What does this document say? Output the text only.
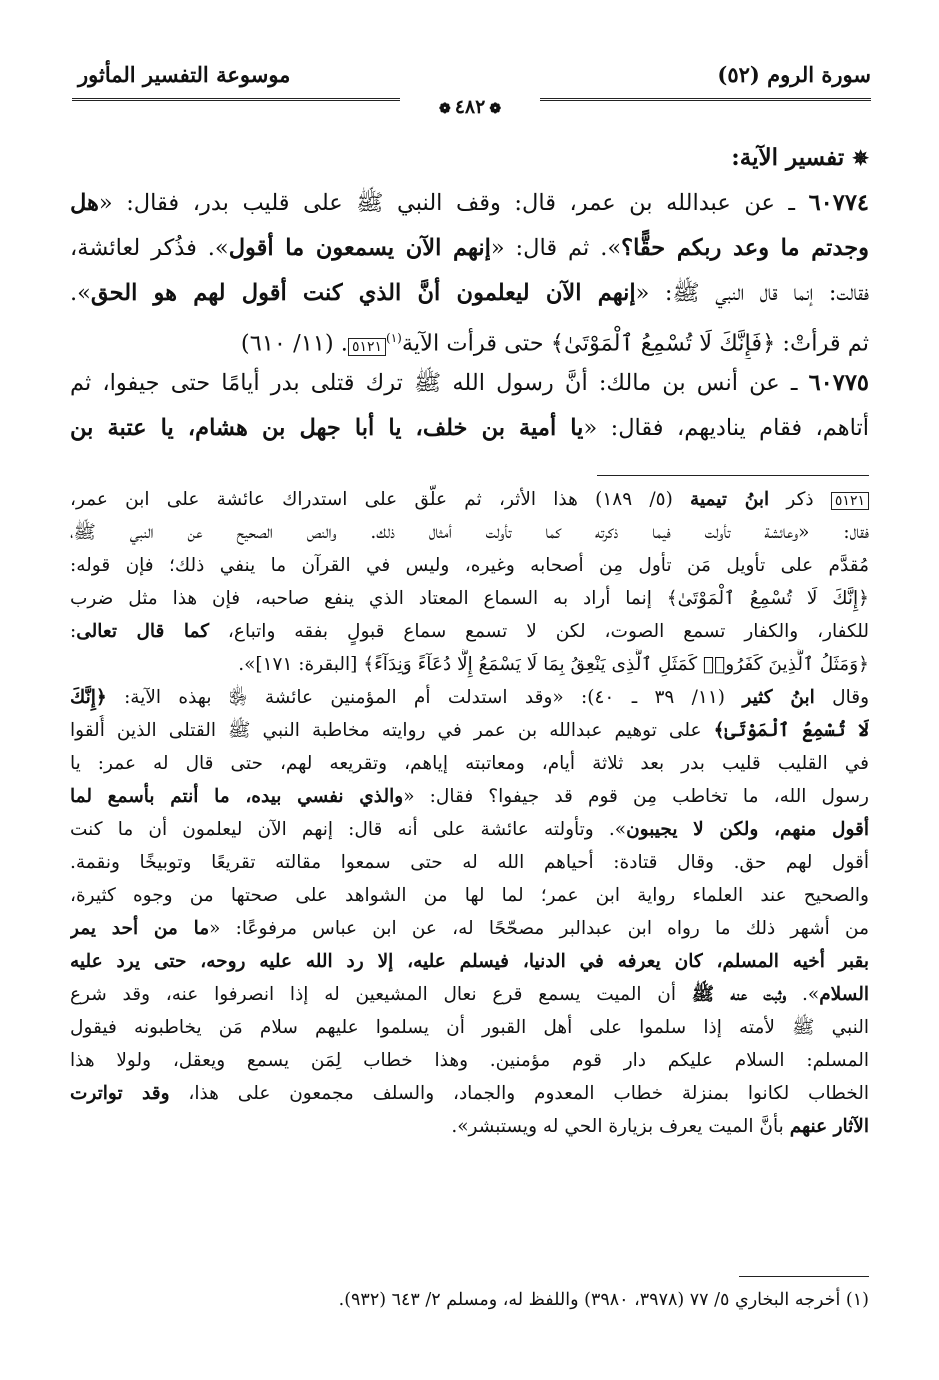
سورة الروم (٥٢)
موسوعة التفسير المأثور
❁ ٤٨٢ ❁
✵تفسير الآية:
٦٠٧٧٤ ـ عن عبدالله بن عمر، قال: وقف النبي ﷺ على قليب بدر، فقال: «هل
وجدتم ما وعد ربكم حقًّا؟». ثم قال: «إنهم الآن يسمعون ما أقول». فذُكر لعائشة،
فقالت: إنما قال النبي ﷺ: «إنهم الآن ليعلمون أنَّ الذي كنت أقول لهم هو الحق».
ثم قرأتْ: ﴿فَإِنَّكَ لَا تُسْمِعُ ٱلْمَوْتَىٰ﴾ حتى قرأت الآية$^{(١)}$٥١٢١. (١١/ ٦١٠)
٦٠٧٧٥ ـ عن أنس بن مالك: أنَّ رسول الله ﷺ ترك قتلى بدر أيامًا حتى جيفوا، ثم
أتاهم، فقام يناديهم، فقال: «يا أمية بن خلف، يا أبا جهل بن هشام، يا عتبة بن
٥١٢١ ذكر ابنُ تيمية (٥/ ١٨٩) هذا الأثر، ثم علّق على استدراك عائشة على ابن عمر،
فقال: «وعائشة تأولت فيما ذكرته كما تأولت أمثال ذلك. والنص الصحيح عن النبي ﷺ،
مُقدَّم على تأويل مَن تأول مِن أصحابه وغيره، وليس في القرآن ما ينفي ذلك؛ فإن قوله:
﴿إِنَّكَ لَا تُسْمِعُ ٱلْمَوْتَىٰ﴾ إنما أراد به السماع المعتاد الذي ينفع صاحبه، فإن هذا مثل ضرب
للكفار، والكفار تسمع الصوت، لكن لا تسمع سماع قبولٍ بفقه واتباع، كما قال تعالى:
﴿وَمَثَلُ ٱلَّذِينَ كَفَرُوا۟ كَمَثَلِ ٱلَّذِى يَنْعِقُ بِمَا لَا يَسْمَعُ إِلَّا دُعَآءً وَنِدَآءً﴾ [البقرة: ١٧١]».
وقال ابنُ كثير (١١/ ٣٩ ـ ٤٠): «وقد استدلت أم المؤمنين عائشة ﵂ بهذه الآية: ﴿إِنَّكَ
لَا تُسْمِعُ ٱلْمَوْتَىٰ﴾ على توهيم عبدالله بن عمر في روايته مخاطبة النبي ﷺ القتلى الذين أُلقوا
في القليب قليب بدر بعد ثلاثة أيام، ومعاتبته إياهم، وتقريعه لهم، حتى قال له عمر: يا
رسول الله، ما تخاطب مِن قوم قد جيفوا؟ فقال: «والذي نفسي بيده، ما أنتم بأسمع لما
أقول منهم، ولكن لا يجيبون». وتأولته عائشة على أنه قال: إنهم الآن ليعلمون أن ما كنت
أقول لهم حق. وقال قتادة: أحياهم الله له حتى سمعوا مقالته تقريعًا وتوبيخًا ونقمة.
والصحيح عند العلماء رواية ابن عمر؛ لما لها من الشواهد على صحتها من وجوه كثيرة،
من أشهر ذلك ما رواه ابن عبدالبر مصحّحًا له، عن ابن عباس مرفوعًا: «ما من أحد يمر
بقبر أخيه المسلم، كان يعرفه في الدنيا، فيسلم عليه، إلا رد الله عليه روحه، حتى يرد عليه
السلام». وثبت عنه ﷺ أن الميت يسمع قرع نعال المشيعين له إذا انصرفوا عنه، وقد شرع
النبي ﷺ لأمته إذا سلموا على أهل القبور أن يسلموا عليهم سلام مَن يخاطبونه فيقول
المسلم: السلام عليكم دار قوم مؤمنين. وهذا خطاب لِمَن يسمع ويعقل، ولولا هذا
الخطاب لكانوا بمنزلة خطاب المعدوم والجماد، والسلف مجمعون على هذا، وقد تواترت
الآثار عنهم بأنَّ الميت يعرف بزيارة الحي له ويستبشر».
(١) أخرجه البخاري ٥/ ٧٧ (٣٩٧٨، ٣٩٨٠) واللفظ له، ومسلم ٢/ ٦٤٣ (٩٣٢).
